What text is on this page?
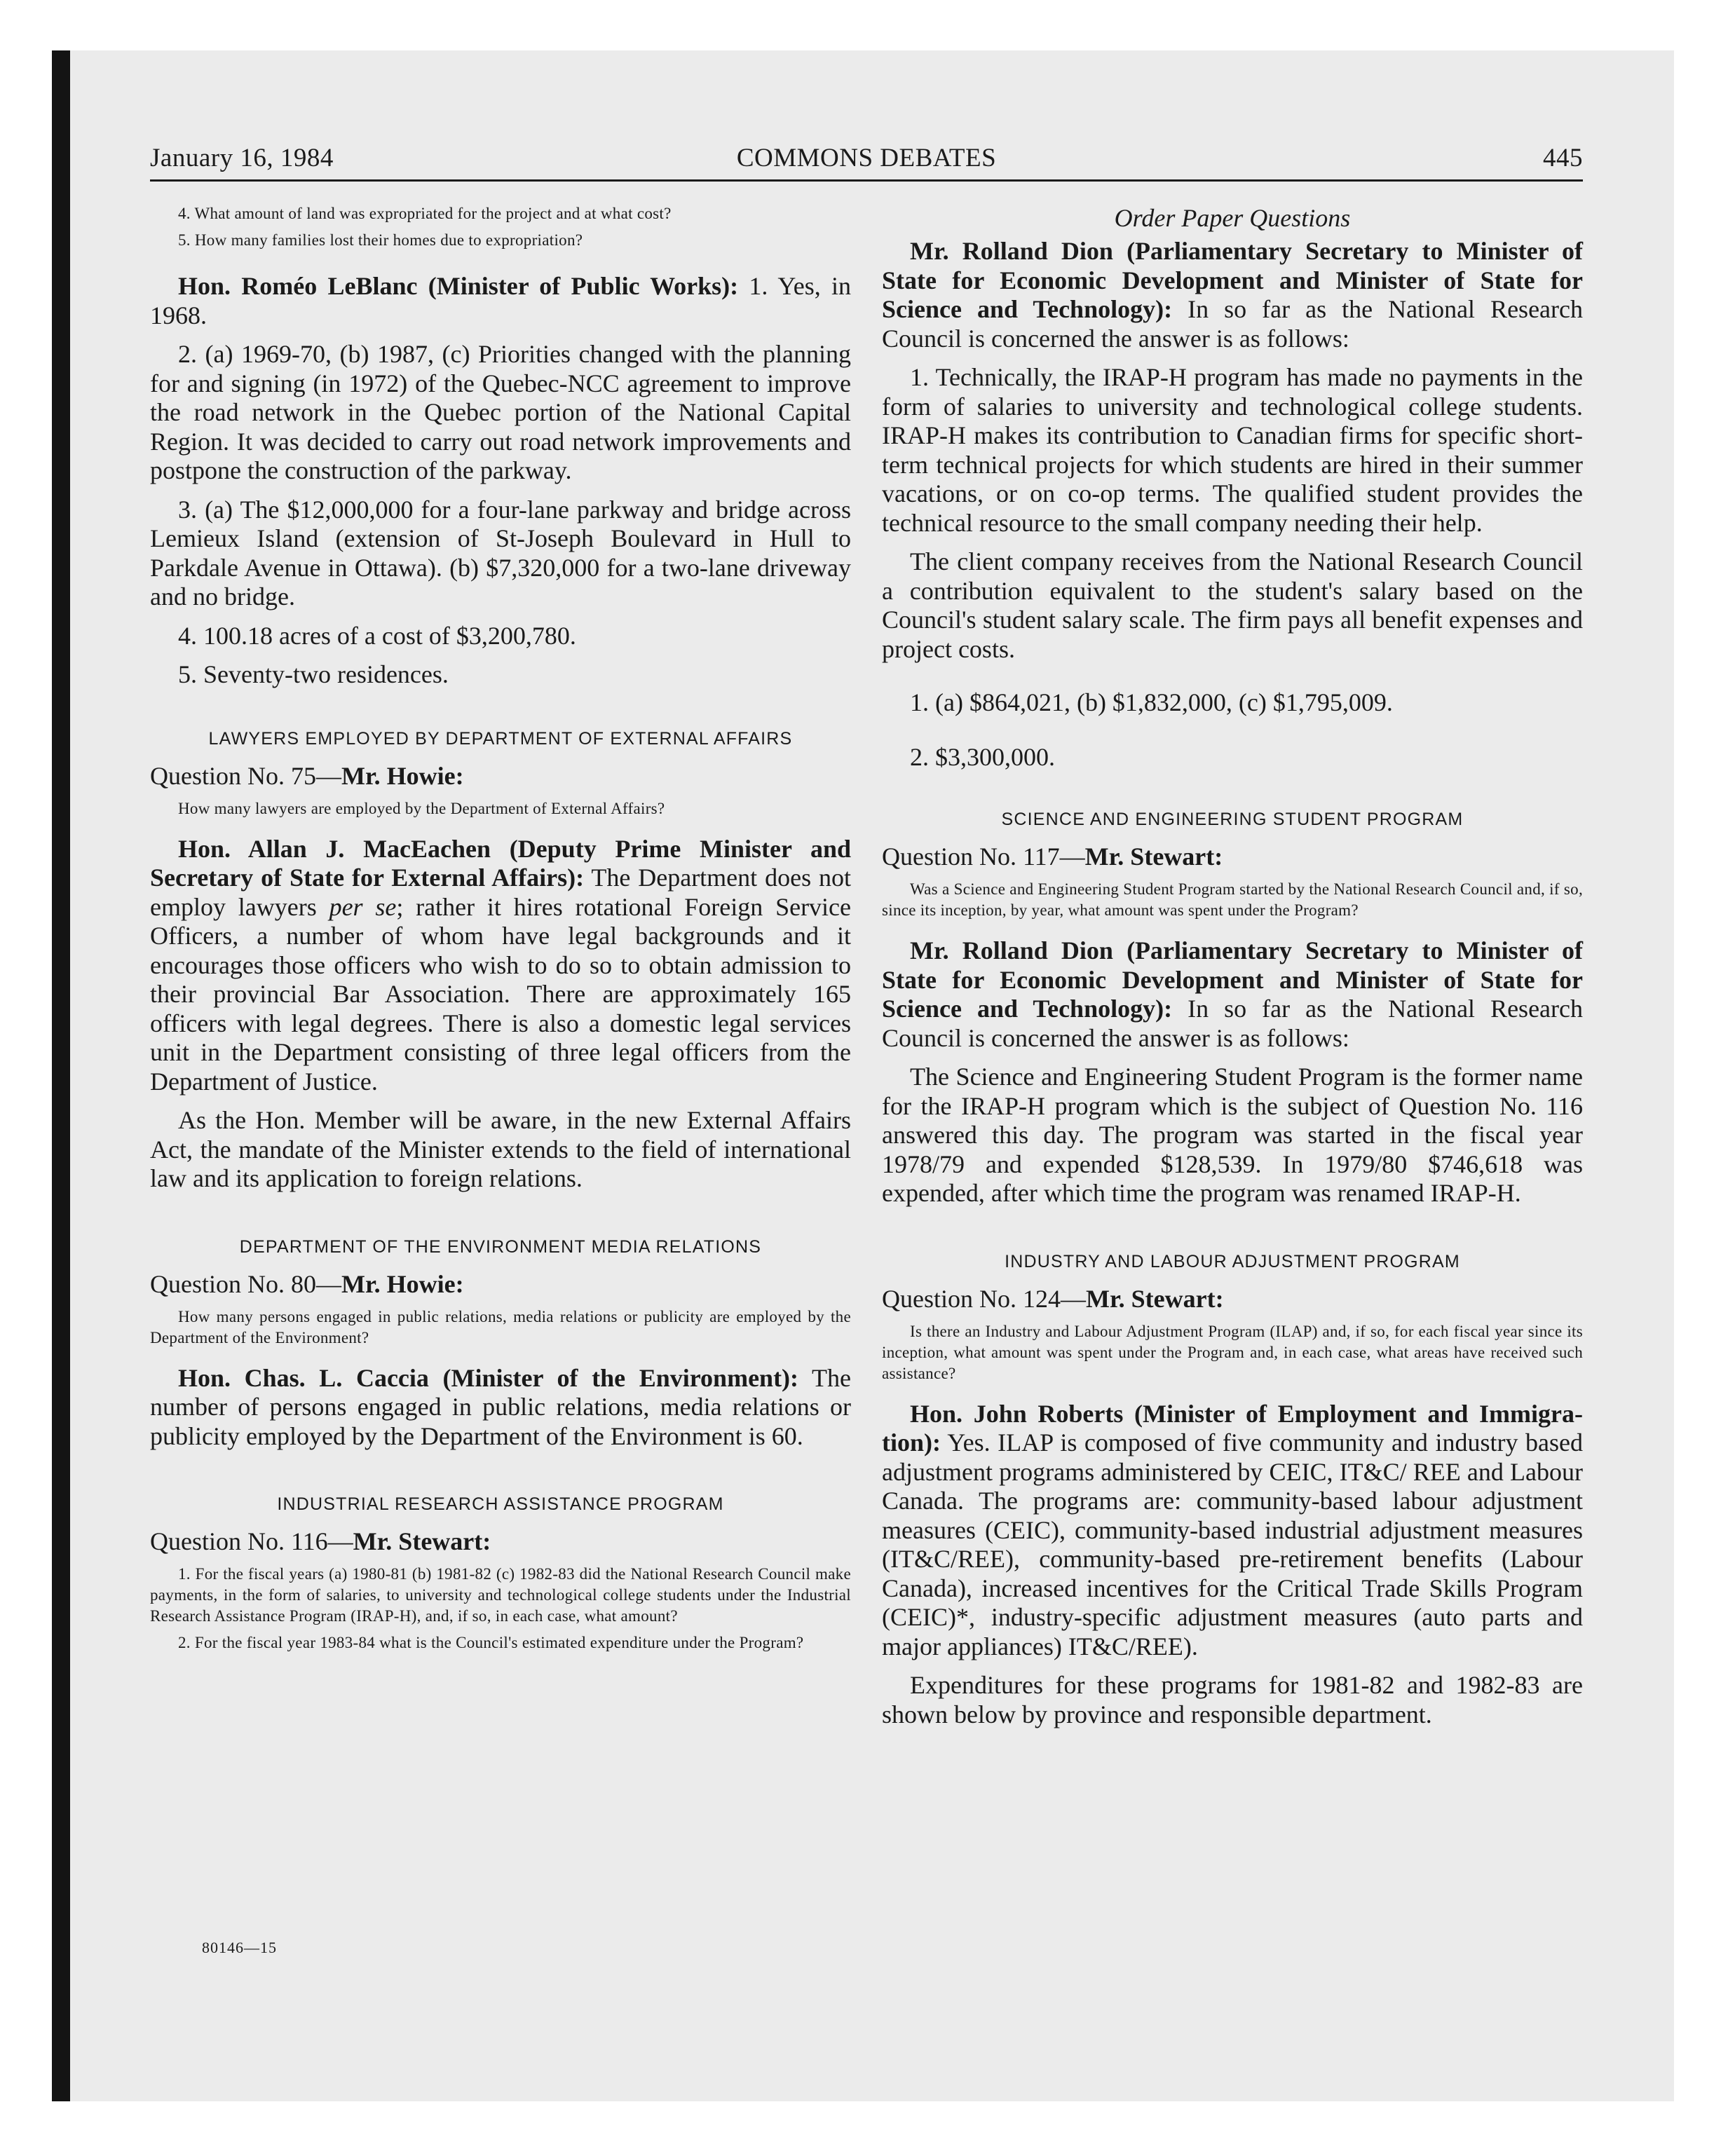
January 16, 1984	COMMONS DEBATES	445

4. What amount of land was expropriated for the project and at what cost?

5. How many families lost their homes due to expropriation?

Hon. Roméo LeBlanc (Minister of Public Works): 1. Yes, in 1968.

2. (a) 1969-70, (b) 1987, (c) Priorities changed with the planning for and signing (in 1972) of the Quebec-NCC agreement to improve the road network in the Quebec portion of the National Capital Region. It was decided to carry out road network improvements and postpone the construction of the parkway.

3. (a) The $12,000,000 for a four-lane parkway and bridge across Lemieux Island (extension of St-Joseph Boulevard in Hull to Parkdale Avenue in Ottawa). (b) $7,320,000 for a two-lane driveway and no bridge.

4. 100.18 acres of a cost of $3,200,780.

5. Seventy-two residences.

LAWYERS EMPLOYED BY DEPARTMENT OF EXTERNAL AFFAIRS
Question No. 75—Mr. Howie:

How many lawyers are employed by the Department of External Affairs?

Hon. Allan J. MacEachen (Deputy Prime Minister and Secretary of State for External Affairs): The Department does not employ lawyers per se; rather it hires rotational Foreign Service Officers, a number of whom have legal backgrounds and it encourages those officers who wish to do so to obtain admission to their provincial Bar Association. There are approximately 165 officers with legal degrees. There is also a domestic legal services unit in the Department consisting of three legal officers from the Department of Justice.

As the Hon. Member will be aware, in the new External Affairs Act, the mandate of the Minister extends to the field of international law and its application to foreign relations.

DEPARTMENT OF THE ENVIRONMENT MEDIA RELATIONS
Question No. 80—Mr. Howie:

How many persons engaged in public relations, media relations or publicity are employed by the Department of the Environment?

Hon. Chas. L. Caccia (Minister of the Environment): The number of persons engaged in public relations, media relations or publicity employed by the Department of the Environment is 60.

INDUSTRIAL RESEARCH ASSISTANCE PROGRAM
Question No. 116—Mr. Stewart:

1. For the fiscal years (a) 1980-81 (b) 1981-82 (c) 1982-83 did the National Research Council make payments, in the form of salaries, to university and technological college students under the Industrial Research Assistance Program (IRAP-H), and, if so, in each case, what amount?

2. For the fiscal year 1983-84 what is the Council's estimated expenditure under the Program?

Order Paper Questions

Mr. Rolland Dion (Parliamentary Secretary to Minister of State for Economic Development and Minister of State for Science and Technology): In so far as the National Research Council is concerned the answer is as follows:

1. Technically, the IRAP-H program has made no payments in the form of salaries to university and technological college students. IRAP-H makes its contribution to Canadian firms for specific short-term technical projects for which students are hired in their summer vacations, or on co-op terms. The qualified student provides the technical resource to the small company needing their help.

The client company receives from the National Research Council a contribution equivalent to the student's salary based on the Council's student salary scale. The firm pays all benefit expenses and project costs.

1. (a) $864,021, (b) $1,832,000, (c) $1,795,009.

2. $3,300,000.

SCIENCE AND ENGINEERING STUDENT PROGRAM
Question No. 117—Mr. Stewart:

Was a Science and Engineering Student Program started by the National Research Council and, if so, since its inception, by year, what amount was spent under the Program?

Mr. Rolland Dion (Parliamentary Secretary to Minister of State for Economic Development and Minister of State for Science and Technology): In so far as the National Research Council is concerned the answer is as follows:

The Science and Engineering Student Program is the former name for the IRAP-H program which is the subject of Question No. 116 answered this day. The program was started in the fiscal year 1978/79 and expended $128,539. In 1979/80 $746,618 was expended, after which time the program was renamed IRAP-H.

INDUSTRY AND LABOUR ADJUSTMENT PROGRAM
Question No. 124—Mr. Stewart:

Is there an Industry and Labour Adjustment Program (ILAP) and, if so, for each fiscal year since its inception, what amount was spent under the Program and, in each case, what areas have received such assistance?

Hon. John Roberts (Minister of Employment and Immigration): Yes. ILAP is composed of five community and industry based adjustment programs administered by CEIC, IT&C/ REE and Labour Canada. The programs are: community-based labour adjustment measures (CEIC), community-based industrial adjustment measures (IT&C/REE), community-based pre-retirement benefits (Labour Canada), increased incentives for the Critical Trade Skills Program (CEIC)*, industry-specific adjustment measures (auto parts and major appliances) IT&C/REE).

Expenditures for these programs for 1981-82 and 1982-83 are shown below by province and responsible department.

80146—15
